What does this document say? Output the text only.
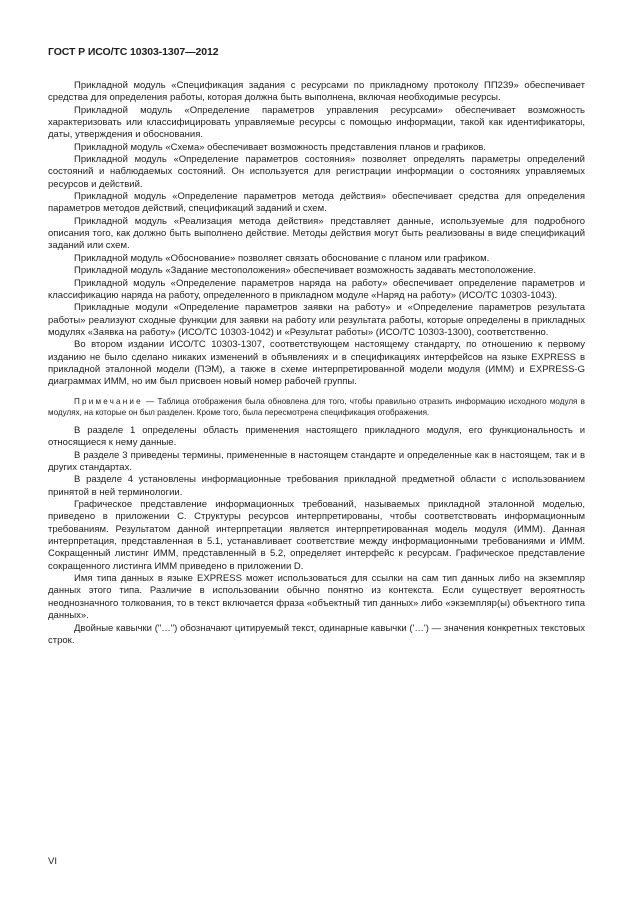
ГОСТ Р ИСО/ТС 10303-1307—2012

Прикладной модуль «Спецификация задания с ресурсами по прикладному протоколу ПП239» обеспечивает средства для определения работы, которая должна быть выполнена, включая необходимые ресурсы.

Прикладной модуль «Определение параметров управления ресурсами» обеспечивает возможность характеризовать или классифицировать управляемые ресурсы с помощью информации, такой как идентификаторы, даты, утверждения и обоснования.

Прикладной модуль «Схема» обеспечивает возможность представления планов и графиков.

Прикладной модуль «Определение параметров состояния» позволяет определять параметры определений состояний и наблюдаемых состояний. Он используется для регистрации информации о состояниях управляемых ресурсов и действий.

Прикладной модуль «Определение параметров метода действия» обеспечивает средства для определения параметров методов действий, спецификаций заданий и схем.

Прикладной модуль «Реализация метода действия» представляет данные, используемые для подробного описания того, как должно быть выполнено действие. Методы действия могут быть реализованы в виде спецификаций заданий или схем.

Прикладной модуль «Обоснование» позволяет связать обоснование с планом или графиком.

Прикладной модуль «Задание местоположения» обеспечивает возможность задавать местоположение.

Прикладной модуль «Определение параметров наряда на работу» обеспечивает определение параметров и классификацию наряда на работу, определенного в прикладном модуле «Наряд на работу» (ИСО/ТС 10303-1043).

Прикладные модули «Определение параметров заявки на работу» и «Определение параметров результата работы» реализуют сходные функции для заявки на работу или результата работы, которые определены в прикладных модулях «Заявка на работу» (ИСО/ТС 10303-1042) и «Результат работы» (ИСО/ТС 10303-1300), соответственно.

Во втором издании ИСО/ТС 10303-1307, соответствующем настоящему стандарту, по отношению к первому изданию не было сделано никаких изменений в объявлениях и в спецификациях интерфейсов на языке EXPRESS в прикладной эталонной модели (ПЭМ), а также в схеме интерпретированной модели модуля (ИММ) и EXPRESS-G диаграммах ИММ, но им был присвоен новый номер рабочей группы.

Примечание — Таблица отображения была обновлена для того, чтобы правильно отразить информацию исходного модуля в модулях, на которые он был разделен. Кроме того, была пересмотрена спецификация отображения.

В разделе 1 определены область применения настоящего прикладного модуля, его функциональность и относящиеся к нему данные.

В разделе 3 приведены термины, примененные в настоящем стандарте и определенные как в настоящем, так и в других стандартах.

В разделе 4 установлены информационные требования прикладной предметной области с использованием принятой в ней терминологии.

Графическое представление информационных требований, называемых прикладной эталонной моделью, приведено в приложении C. Структуры ресурсов интерпретированы, чтобы соответствовать информационным требованиям. Результатом данной интерпретации является интерпретированная модель модуля (ИММ). Данная интерпретация, представленная в 5.1, устанавливает соответствие между информационными требованиями и ИММ. Сокращенный листинг ИММ, представленный в 5.2, определяет интерфейс к ресурсам. Графическое представление сокращенного листинга ИММ приведено в приложении D.

Имя типа данных в языке EXPRESS может использоваться для ссылки на сам тип данных либо на экземпляр данных этого типа. Различие в использовании обычно понятно из контекста. Если существует вероятность неоднозначного толкования, то в текст включается фраза «объектный тип данных» либо «экземпляр(ы) объектного типа данных».

Двойные кавычки ("…") обозначают цитируемый текст, одинарные кавычки ('…') — значения конкретных текстовых строк.

VI
